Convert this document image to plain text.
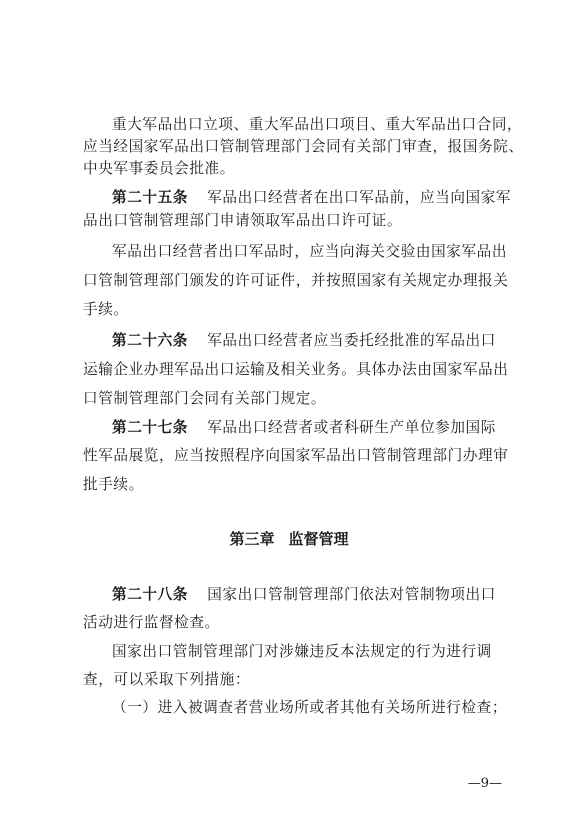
重大军品出口立项、重大军品出口项目、重大军品出口合同，
应当经国家军品出口管制管理部门会同有关部门审查，报国务院、
中央军事委员会批准。
第二十五条 军品出口经营者在出口军品前，应当向国家军
品出口管制管理部门申请领取军品出口许可证。
军品出口经营者出口军品时，应当向海关交验由国家军品出
口管制管理部门颁发的许可证件，并按照国家有关规定办理报关
手续。
第二十六条 军品出口经营者应当委托经批准的军品出口
运输企业办理军品出口运输及相关业务。具体办法由国家军品出
口管制管理部门会同有关部门规定。
第二十七条 军品出口经营者或者科研生产单位参加国际
性军品展览，应当按照程序向国家军品出口管制管理部门办理审
批手续。
第三章 监督管理
第二十八条 国家出口管制管理部门依法对管制物项出口
活动进行监督检查。
国家出口管制管理部门对涉嫌违反本法规定的行为进行调
查，可以采取下列措施：
（一）进入被调查者营业场所或者其他有关场所进行检查；
—9—
